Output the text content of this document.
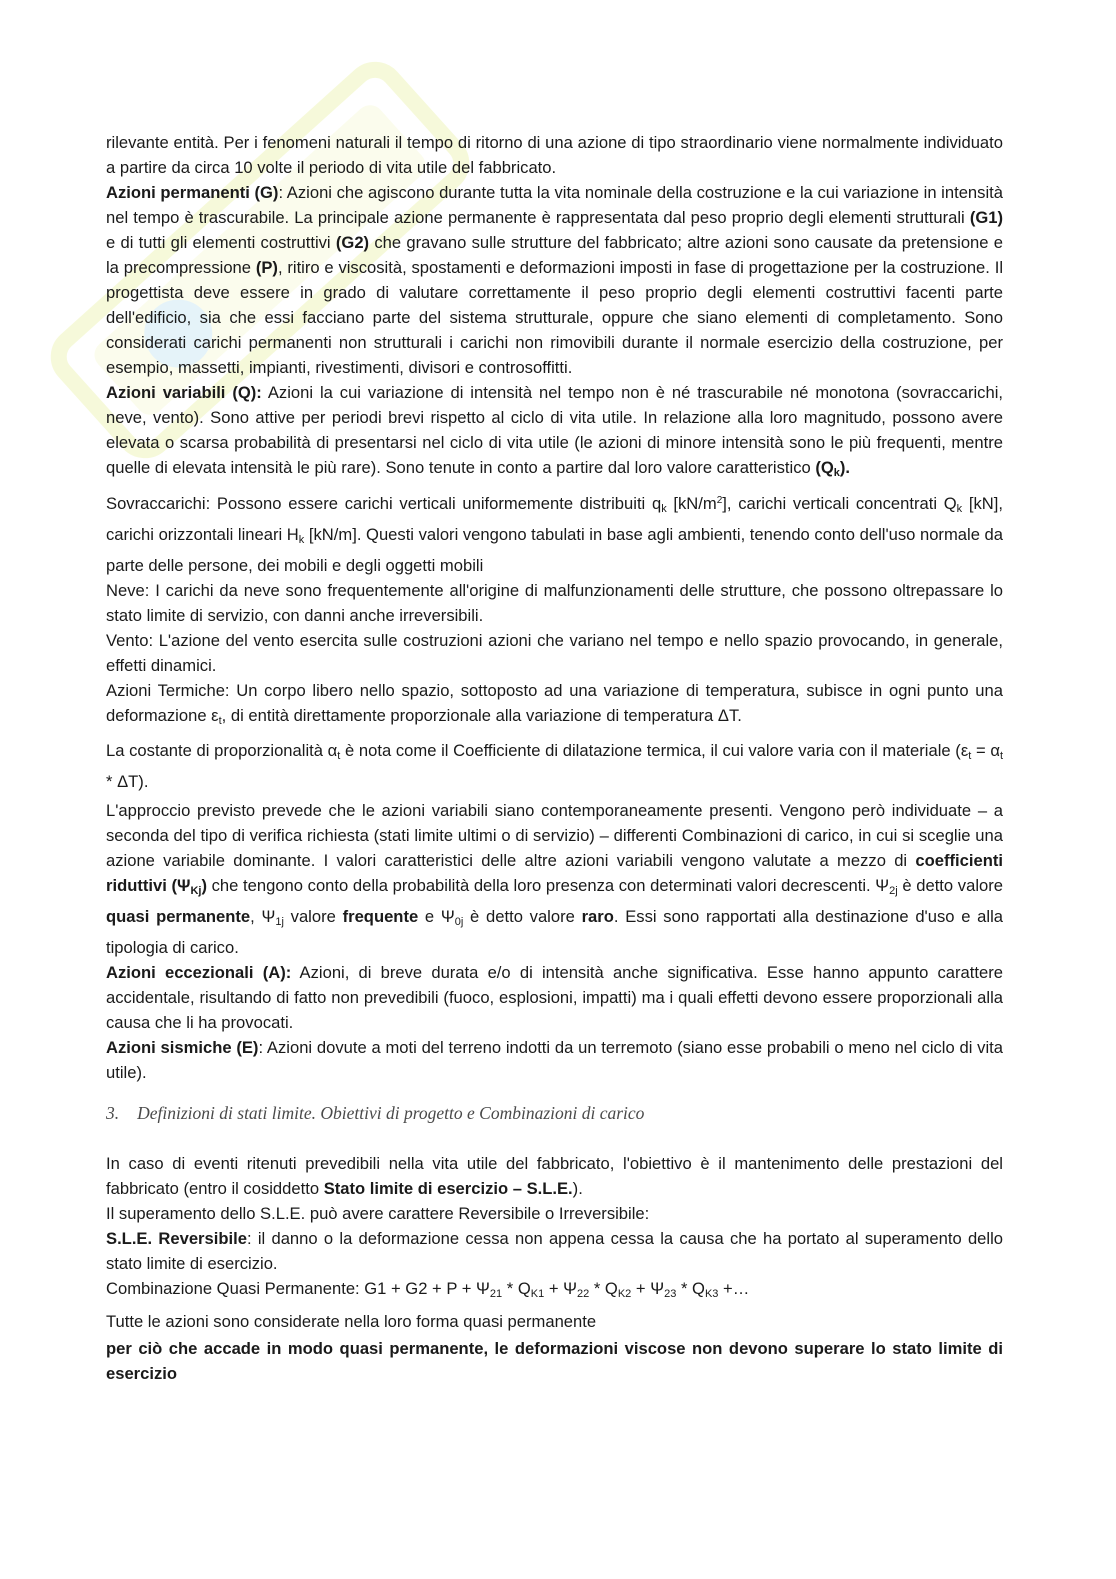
rilevante entità. Per i fenomeni naturali il tempo di ritorno di una azione di tipo straordinario viene normalmente individuato a partire da circa 10 volte il periodo di vita utile del fabbricato.

Azioni permanenti (G): Azioni che agiscono durante tutta la vita nominale della costruzione e la cui variazione in intensità nel tempo è trascurabile. La principale azione permanente è rappresentata dal peso proprio degli elementi strutturali (G1) e di tutti gli elementi costruttivi (G2) che gravano sulle strutture del fabbricato; altre azioni sono causate da pretensione e la precompressione (P), ritiro e viscosità, spostamenti e deformazioni imposti in fase di progettazione per la costruzione. Il progettista deve essere in grado di valutare correttamente il peso proprio degli elementi costruttivi facenti parte dell'edificio, sia che essi facciano parte del sistema strutturale, oppure che siano elementi di completamento. Sono considerati carichi permanenti non strutturali i carichi non rimovibili durante il normale esercizio della costruzione, per esempio, massetti, impianti, rivestimenti, divisori e controsoffitti.

Azioni variabili (Q): Azioni la cui variazione di intensità nel tempo non è né trascurabile né monotona (sovraccarichi, neve, vento). Sono attive per periodi brevi rispetto al ciclo di vita utile. In relazione alla loro magnitudo, possono avere elevata o scarsa probabilità di presentarsi nel ciclo di vita utile (le azioni di minore intensità sono le più frequenti, mentre quelle di elevata intensità le più rare). Sono tenute in conto a partire dal loro valore caratteristico $(Q_k)$.

Sovraccarichi: Possono essere carichi verticali uniformemente distribuiti $q_k$ $[kN/m^2]$, carichi verticali concentrati $Q_k$ [kN], carichi orizzontali lineari $H_k$ [kN/m]. Questi valori vengono tabulati in base agli ambienti, tenendo conto dell'uso normale da parte delle persone, dei mobili e degli oggetti mobili

Neve: I carichi da neve sono frequentemente all'origine di malfunzionamenti delle strutture, che possono oltrepassare lo stato limite di servizio, con danni anche irreversibili.

Vento: L'azione del vento esercita sulle costruzioni azioni che variano nel tempo e nello spazio provocando, in generale, effetti dinamici.

Azioni Termiche: Un corpo libero nello spazio, sottoposto ad una variazione di temperatura, subisce in ogni punto una deformazione $\varepsilon_t$, di entità direttamente proporzionale alla variazione di temperatura ΔT.

La costante di proporzionalità $\alpha_t$ è nota come il Coefficiente di dilatazione termica, il cui valore varia con il materiale $(\varepsilon_t = \alpha_t * \Delta T)$.

L'approccio previsto prevede che le azioni variabili siano contemporaneamente presenti. Vengono però individuate – a seconda del tipo di verifica richiesta (stati limite ultimi o di servizio) – differenti Combinazioni di carico, in cui si sceglie una azione variabile dominante. I valori caratteristici delle altre azioni variabili vengono valutate a mezzo di coefficienti riduttivi $(\Psi_{Kj})$ che tengono conto della probabilità della loro presenza con determinati valori decrescenti. $\Psi_{2j}$ è detto valore quasi permanente, $\Psi_{1j}$ valore frequente e $\Psi_{0j}$ è detto valore raro. Essi sono rapportati alla destinazione d'uso e alla tipologia di carico.

Azioni eccezionali (A): Azioni, di breve durata e/o di intensità anche significativa. Esse hanno appunto carattere accidentale, risultando di fatto non prevedibili (fuoco, esplosioni, impatti) ma i quali effetti devono essere proporzionali alla causa che li ha provocati.

Azioni sismiche (E): Azioni dovute a moti del terreno indotti da un terremoto (siano esse probabili o meno nel ciclo di vita utile).

3. Definizioni di stati limite. Obiettivi di progetto e Combinazioni di carico

In caso di eventi ritenuti prevedibili nella vita utile del fabbricato, l'obiettivo è il mantenimento delle prestazioni del fabbricato (entro il cosiddetto Stato limite di esercizio – S.L.E.).

Il superamento dello S.L.E. può avere carattere Reversibile o Irreversibile:

S.L.E. Reversibile: il danno o la deformazione cessa non appena cessa la causa che ha portato al superamento dello stato limite di esercizio.

Combinazione Quasi Permanente: $G1 + G2 + P + \Psi_{21} * Q_{K1} + \Psi_{22} * Q_{K2} + \Psi_{23} * Q_{K3}$ +…

Tutte le azioni sono considerate nella loro forma quasi permanente

per ciò che accade in modo quasi permanente, le deformazioni viscose non devono superare lo stato limite di esercizio
